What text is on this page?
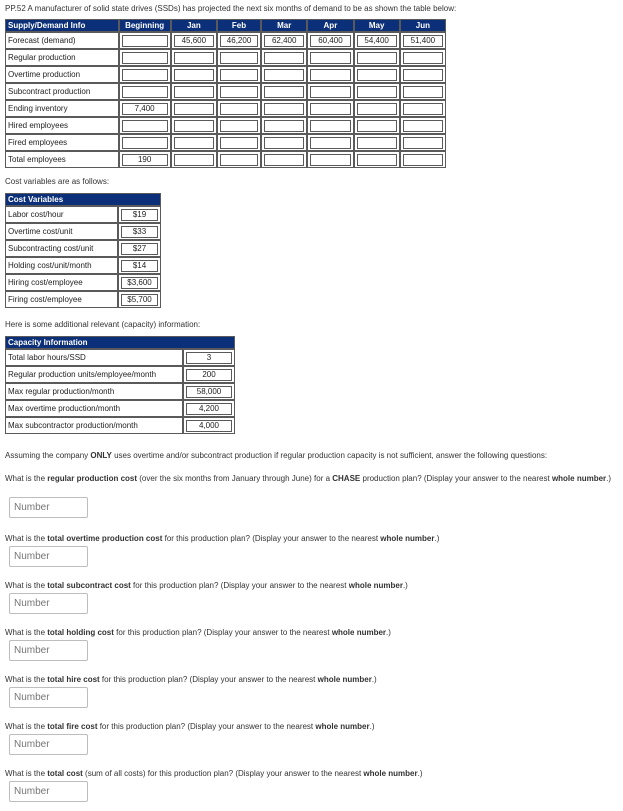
PP.52 A manufacturer of solid state drives (SSDs) has projected the next six months of demand to be as shown the table below:
Supply/Demand Info	Beginning	Jan	Feb	Mar	Apr	May	Jun
Forecast (demand)		45,600	46,200	62,400	60,400	54,400	51,400

Regular production	

Overtime production	

Subcontract production	

Ending inventory	7,400						

Hired employees	

Fired employees	

Total employees	190						

Cost variables are as follows:
Cost Variables	
Labor cost/hour	$19

Overtime cost/unit	$33

Subcontracting cost/unit	$27

Holding cost/unit/month	$14

Hiring cost/employee	$3,600

Firing cost/employee	$5,700
Here is some additional relevant (capacity) information:
Capacity Information	
Total labor hours/SSD	3

Regular production units/employee/month	200

Max regular production/month	58,000

Max overtime production/month	4,200

Max subcontractor production/month	4,000
Assuming the company ONLY uses overtime and/or subcontract production if regular production capacity is not sufficient, answer the following questions:
What is the regular production cost (over the six months from January through June) for a CHASE production plan? (Display your answer to the nearest whole number.)
Number
What is the total overtime production cost for this production plan? (Display your answer to the nearest whole number.)
Number
What is the total subcontract cost for this production plan? (Display your answer to the nearest whole number.)
Number
What is the total holding cost for this production plan? (Display your answer to the nearest whole number.)
Number
What is the total hire cost for this production plan? (Display your answer to the nearest whole number.)
Number
What is the total fire cost for this production plan? (Display your answer to the nearest whole number.)
Number
What is the total cost (sum of all costs) for this production plan? (Display your answer to the nearest whole number.)
Number
